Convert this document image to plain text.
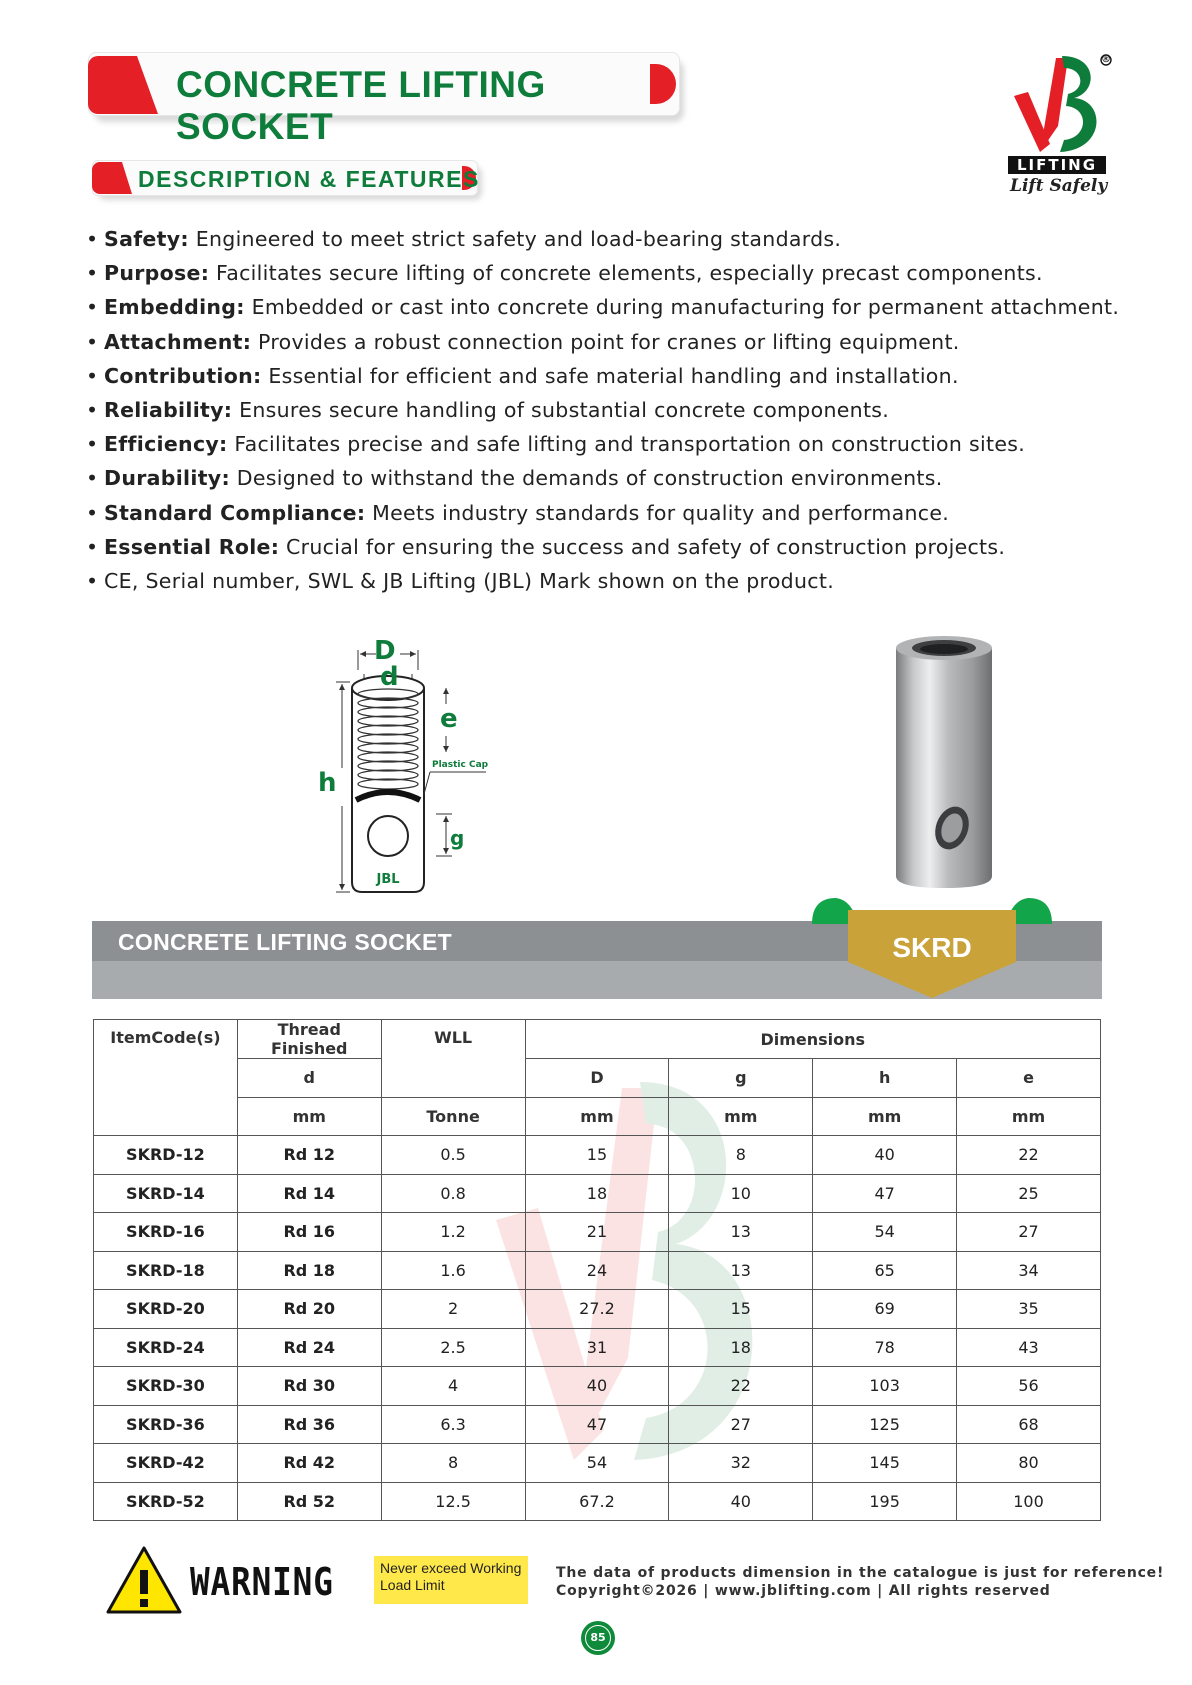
CONCRETE LIFTING SOCKET
DESCRIPTION & FEATURES
®
LIFTING
Lift Safely
• Safety: Engineered to meet strict safety and load-bearing standards.
• Purpose: Facilitates secure lifting of concrete elements, especially precast components.
• Embedding: Embedded or cast into concrete during manufacturing for permanent attachment.
• Attachment: Provides a robust connection point for cranes or lifting equipment.
• Contribution: Essential for efficient and safe material handling and installation.
• Reliability: Ensures secure handling of substantial concrete components.
• Efficiency: Facilitates precise and safe lifting and transportation on construction sites.
• Durability: Designed to withstand the demands of construction environments.
• Standard Compliance: Meets industry standards for quality and performance.
• Essential Role: Crucial for ensuring the success and safety of construction projects.
• CE, Serial number, SWL & JB Lifting (JBL) Mark shown on the product.
D
d
e
h
g
Plastic Cap
JBL
CONCRETE LIFTING SOCKET	SKRD
ItemCode(s)	Thread Finished	WLL	Dimensions			
	d		D	g	h	e
	mm	Tonne	mm	mm	mm	mm
SKRD-12	Rd 12	0.5	15	8	40	22
SKRD-14	Rd 14	0.8	18	10	47	25
SKRD-16	Rd 16	1.2	21	13	54	27
SKRD-18	Rd 18	1.6	24	13	65	34
SKRD-20	Rd 20	2	27.2	15	69	35
SKRD-24	Rd 24	2.5	31	18	78	43
SKRD-30	Rd 30	4	40	22	103	56
SKRD-36	Rd 36	6.3	47	27	125	68
SKRD-42	Rd 42	8	54	32	145	80
SKRD-52	Rd 52	12.5	67.2	40	195	100
WARNING	Never exceed Working Load Limit
The data of products dimension in the catalogue is just for reference!
Copyright©2026 | www.jblifting.com | All rights reserved
85
